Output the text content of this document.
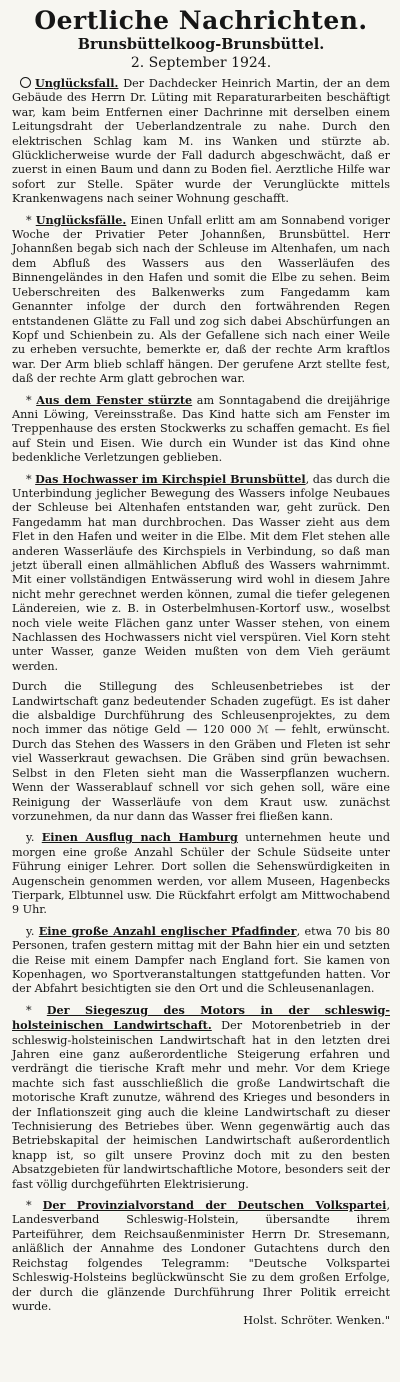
Oertliche Nachrichten.

Brunsbüttelkoog-Brunsbüttel.

2. September 1924.

Unglücksfall. Der Dachdecker Heinrich Martin, der an dem Gebäude des Herrn Dr. Lüting mit Reparaturarbeiten beschäftigt war, kam beim Entfernen einer Dachrinne mit derselben einem Leitungsdraht der Ueberlandzentrale zu nahe. Durch den elektrischen Schlag kam M. ins Wanken und stürzte ab. Glücklicherweise wurde der Fall dadurch abgeschwächt, daß er zuerst in einen Baum und dann zu Boden fiel. Aerztliche Hilfe war sofort zur Stelle. Später wurde der Verunglückte mittels Krankenwagens nach seiner Wohnung geschafft.

* Unglücksfälle. Einen Unfall erlitt am am Sonnabend voriger Woche der Privatier Peter Johannßen, Brunsbüttel. Herr Johannßen begab sich nach der Schleuse im Altenhafen, um nach dem Abfluß des Wassers aus den Wasserläufen des Binnengeländes in den Hafen und somit die Elbe zu sehen. Beim Ueberschreiten des Balkenwerks zum Fangedamm kam Genannter infolge der durch den fortwährenden Regen entstandenen Glätte zu Fall und zog sich dabei Abschürfungen an Kopf und Schienbein zu. Als der Gefallene sich nach einer Weile zu erheben versuchte, bemerkte er, daß der rechte Arm kraftlos war. Der Arm blieb schlaff hängen. Der gerufene Arzt stellte fest, daß der rechte Arm glatt gebrochen war.

* Aus dem Fenster stürzte am Sonntagabend die dreijährige Anni Löwing, Vereinsstraße. Das Kind hatte sich am Fenster im Treppenhause des ersten Stockwerks zu schaffen gemacht. Es fiel auf Stein und Eisen. Wie durch ein Wunder ist das Kind ohne bedenkliche Verletzungen geblieben.

* Das Hochwasser im Kirchspiel Brunsbüttel, das durch die Unterbindung jeglicher Bewegung des Wassers infolge Neubaues der Schleuse bei Altenhafen entstanden war, geht zurück. Den Fangedamm hat man durchbrochen. Das Wasser zieht aus dem Flet in den Hafen und weiter in die Elbe. Mit dem Flet stehen alle anderen Wasserläufe des Kirchspiels in Verbindung, so daß man jetzt überall einen allmählichen Abfluß des Wassers wahrnimmt. Mit einer vollständigen Entwässerung wird wohl in diesem Jahre nicht mehr gerechnet werden können, zumal die tiefer gelegenen Ländereien, wie z. B. in Osterbelmhusen-Kortorf usw., woselbst noch viele weite Flächen ganz unter Wasser stehen, von einem Nachlassen des Hochwassers nicht viel verspüren. Viel Korn steht unter Wasser, ganze Weiden mußten von dem Vieh geräumt werden.

Durch die Stillegung des Schleusenbetriebes ist der Landwirtschaft ganz bedeutender Schaden zugefügt. Es ist daher die alsbaldige Durchführung des Schleusenprojektes, zu dem noch immer das nötige Geld — 120 000 ℳ — fehlt, erwünscht. Durch das Stehen des Wassers in den Gräben und Fleten ist sehr viel Wasserkraut gewachsen. Die Gräben sind grün bewachsen. Selbst in den Fleten sieht man die Wasserpflanzen wuchern. Wenn der Wasserablauf schnell vor sich gehen soll, wäre eine Reinigung der Wasserläufe von dem Kraut usw. zunächst vorzunehmen, da nur dann das Wasser frei fließen kann.

y. Einen Ausflug nach Hamburg unternehmen heute und morgen eine große Anzahl Schüler der Schule Südseite unter Führung einiger Lehrer. Dort sollen die Sehenswürdigkeiten in Augenschein genommen werden, vor allem Museen, Hagenbecks Tierpark, Elbtunnel usw. Die Rückfahrt erfolgt am Mittwochabend 9 Uhr.

y. Eine große Anzahl englischer Pfadfinder, etwa 70 bis 80 Personen, trafen gestern mittag mit der Bahn hier ein und setzten die Reise mit einem Dampfer nach England fort. Sie kamen von Kopenhagen, wo Sportveranstaltungen stattgefunden hatten. Vor der Abfahrt besichtigten sie den Ort und die Schleusenanlagen.

* Der Siegeszug des Motors in der schleswig-holsteinischen Landwirtschaft. Der Motorenbetrieb in der schleswig-holsteinischen Landwirtschaft hat in den letzten drei Jahren eine ganz außerordentliche Steigerung erfahren und verdrängt die tierische Kraft mehr und mehr. Vor dem Kriege machte sich fast ausschließlich die große Landwirtschaft die motorische Kraft zunutze, während des Krieges und besonders in der Inflationszeit ging auch die kleine Landwirtschaft zu dieser Technisierung des Betriebes über. Wenn gegenwärtig auch das Betriebskapital der heimischen Landwirtschaft außerordentlich knapp ist, so gilt unsere Provinz doch mit zu den besten Absatzgebieten für landwirtschaftliche Motore, besonders seit der fast völlig durchgeführten Elektrisierung.

* Der Provinzialvorstand der Deutschen Volkspartei, Landesverband Schleswig-Holstein, übersandte ihrem Parteiführer, dem Reichsaußenminister Herrn Dr. Stresemann, anläßlich der Annahme des Londoner Gutachtens durch den Reichstag folgendes Telegramm: "Deutsche Volkspartei Schleswig-Holsteins beglückwünscht Sie zu dem großen Erfolge, der durch die glänzende Durchführung Ihrer Politik erreicht wurde.
Holst. Schröter. Wenken."
